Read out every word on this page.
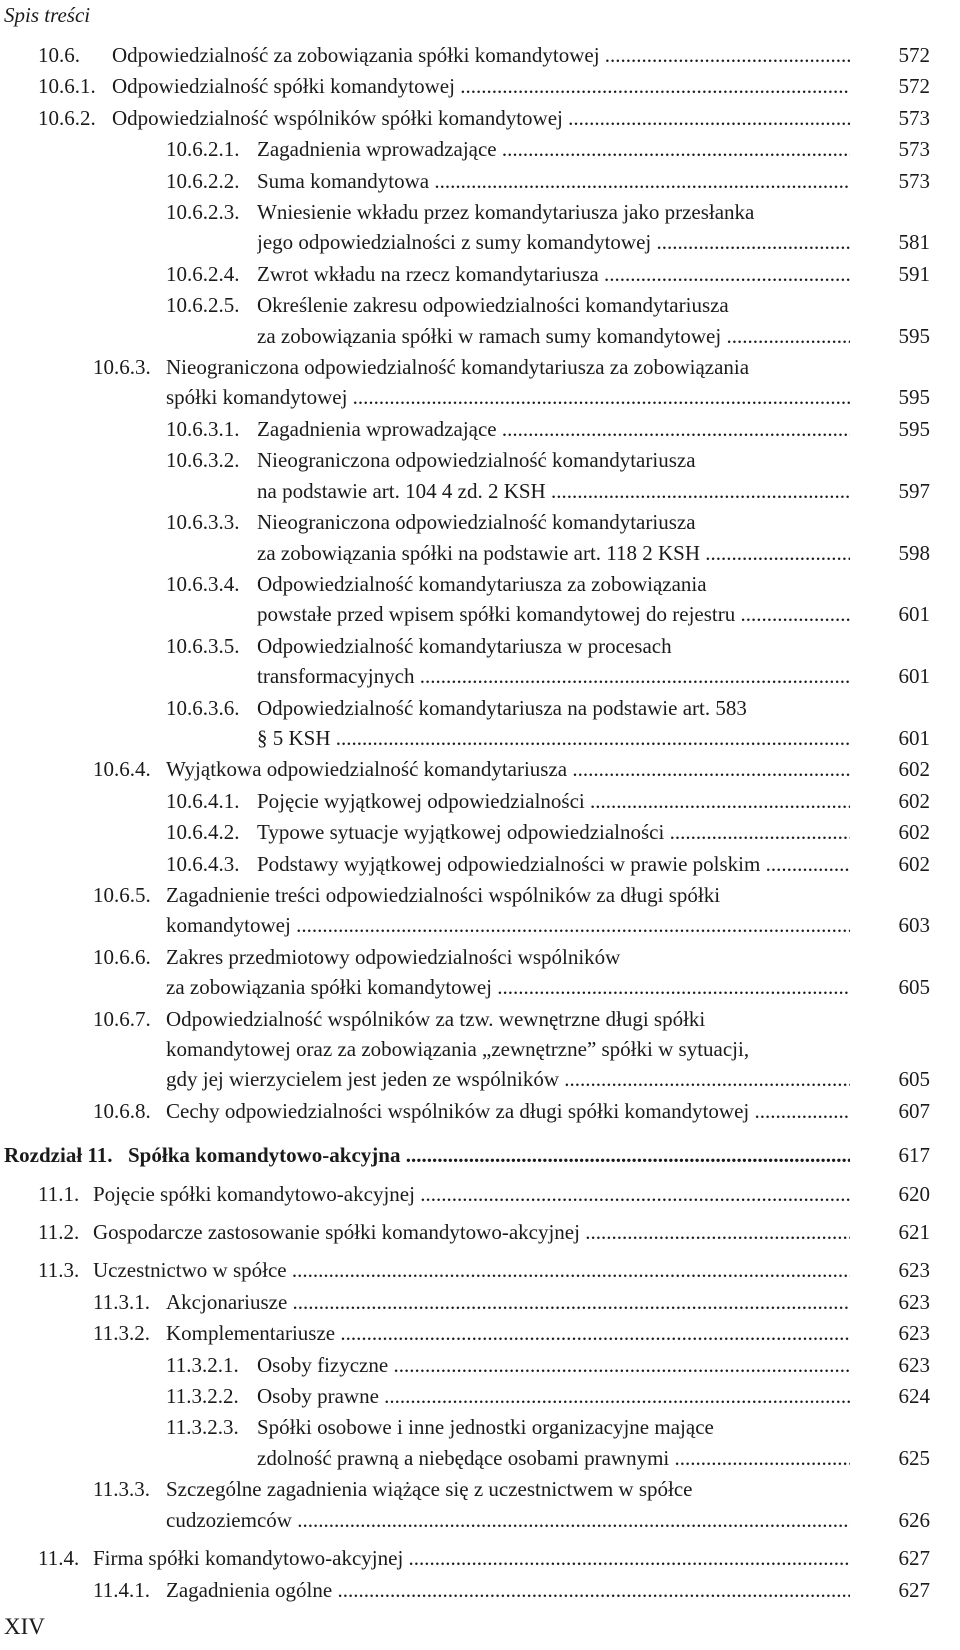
Spis treści
10.6. Odpowiedzialność za zobowiązania spółki komandytowej .....	572
10.6.1. Odpowiedzialność spółki komandytowej .....	572
10.6.2. Odpowiedzialność wspólników spółki komandytowej .....	573
10.6.2.1. Zagadnienia wprowadzające .....	573
10.6.2.2. Suma komandytowa .....	573
10.6.2.3. Wniesienie wkładu przez komandytariusza jako przesłanka
jego odpowiedzialności z sumy komandytowej .....	581
10.6.2.4. Zwrot wkładu na rzecz komandytariusza .....	591
10.6.2.5. Określenie zakresu odpowiedzialności komandytariusza
za zobowiązania spółki w ramach sumy komandytowej .....	595
10.6.3. Nieograniczona odpowiedzialność komandytariusza za zobowiązania
spółki komandytowej .....	595
10.6.3.1. Zagadnienia wprowadzające .....	595
10.6.3.2. Nieograniczona odpowiedzialność komandytariusza
na podstawie art. 104 4 zd. 2 KSH .....	597
10.6.3.3. Nieograniczona odpowiedzialność komandytariusza
za zobowiązania spółki na podstawie art. 118 2 KSH .....	598
10.6.3.4. Odpowiedzialność komandytariusza za zobowiązania
powstałe przed wpisem spółki komandytowej do rejestru .....	601
10.6.3.5. Odpowiedzialność komandytariusza w procesach
transformacyjnych .....	601
10.6.3.6. Odpowiedzialność komandytariusza na podstawie art. 583
§ 5 KSH .....	601
10.6.4. Wyjątkowa odpowiedzialność komandytariusza .....	602
10.6.4.1. Pojęcie wyjątkowej odpowiedzialności .....	602
10.6.4.2. Typowe sytuacje wyjątkowej odpowiedzialności .....	602
10.6.4.3. Podstawy wyjątkowej odpowiedzialności w prawie polskim .....	602
10.6.5. Zagadnienie treści odpowiedzialności wspólników za długi spółki
komandytowej .....	603
10.6.6. Zakres przedmiotowy odpowiedzialności wspólników
za zobowiązania spółki komandytowej .....	605
10.6.7. Odpowiedzialność wspólników za tzw. wewnętrzne długi spółki
komandytowej oraz za zobowiązania „zewnętrzne” spółki w sytuacji,
gdy jej wierzycielem jest jeden ze wspólników .....	605
10.6.8. Cechy odpowiedzialności wspólników za długi spółki komandytowej .....	607
Rozdział 11. Spółka komandytowo-akcyjna .....	617
11.1. Pojęcie spółki komandytowo-akcyjnej .....	620
11.2. Gospodarcze zastosowanie spółki komandytowo-akcyjnej .....	621
11.3. Uczestnictwo w spółce .....	623
11.3.1. Akcjonariusze .....	623
11.3.2. Komplementariusze .....	623
11.3.2.1. Osoby fizyczne .....	623
11.3.2.2. Osoby prawne .....	624
11.3.2.3. Spółki osobowe i inne jednostki organizacyjne mające
zdolność prawną a niebędące osobami prawnymi .....	625
11.3.3. Szczególne zagadnienia wiążące się z uczestnictwem w spółce
cudzoziemców .....	626
11.4. Firma spółki komandytowo-akcyjnej .....	627
11.4.1. Zagadnienia ogólne .....	627
XIV
